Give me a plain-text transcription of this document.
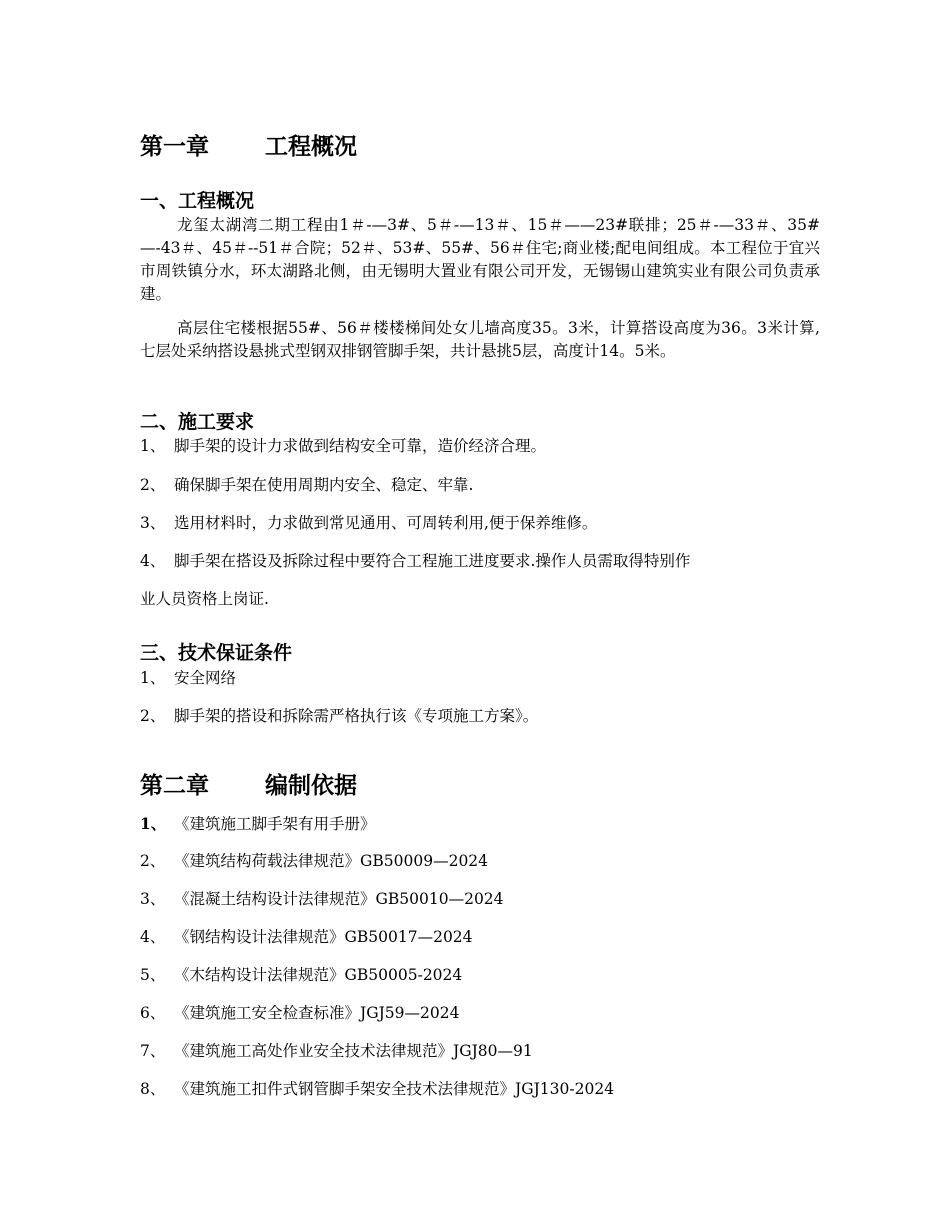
第一章 工程概况
一、工程概况

龙玺太湖湾二期工程由1＃-—3#、5＃-—13＃、15＃——23#联排；25＃-—33＃、35#—-43＃、45＃--51＃合院；52＃、53#、55#、56＃住宅;商业楼;配电间组成。本工程位于宜兴市周铁镇分水，环太湖路北侧，由无锡明大置业有限公司开发，无锡锡山建筑实业有限公司负责承建。

高层住宅楼根据55#、56＃楼楼梯间处女儿墙高度35。3米，计算搭设高度为36。3米计算,七层处采纳搭设悬挑式型钢双排钢管脚手架，共计悬挑5层，高度计14。5米。

二、施工要求

1、 脚手架的设计力求做到结构安全可靠，造价经济合理。

2、 确保脚手架在使用周期内安全、稳定、牢靠.

3、 选用材料时，力求做到常见通用、可周转利用,便于保养维修。

4、 脚手架在搭设及拆除过程中要符合工程施工进度要求.操作人员需取得特别作

业人员资格上岗证.

三、技术保证条件

1、 安全网络

2、 脚手架的搭设和拆除需严格执行该《专项施工方案》。

第二章 编制依据

1、 《建筑施工脚手架有用手册》

2、 《建筑结构荷载法律规范》GB50009—2024

3、 《混凝土结构设计法律规范》GB50010—2024

4、 《钢结构设计法律规范》GB50017—2024

5、 《木结构设计法律规范》GB50005-2024

6、 《建筑施工安全检查标准》JGJ59—2024

7、 《建筑施工高处作业安全技术法律规范》JGJ80—91

8、 《建筑施工扣件式钢管脚手架安全技术法律规范》JGJ130-2024
